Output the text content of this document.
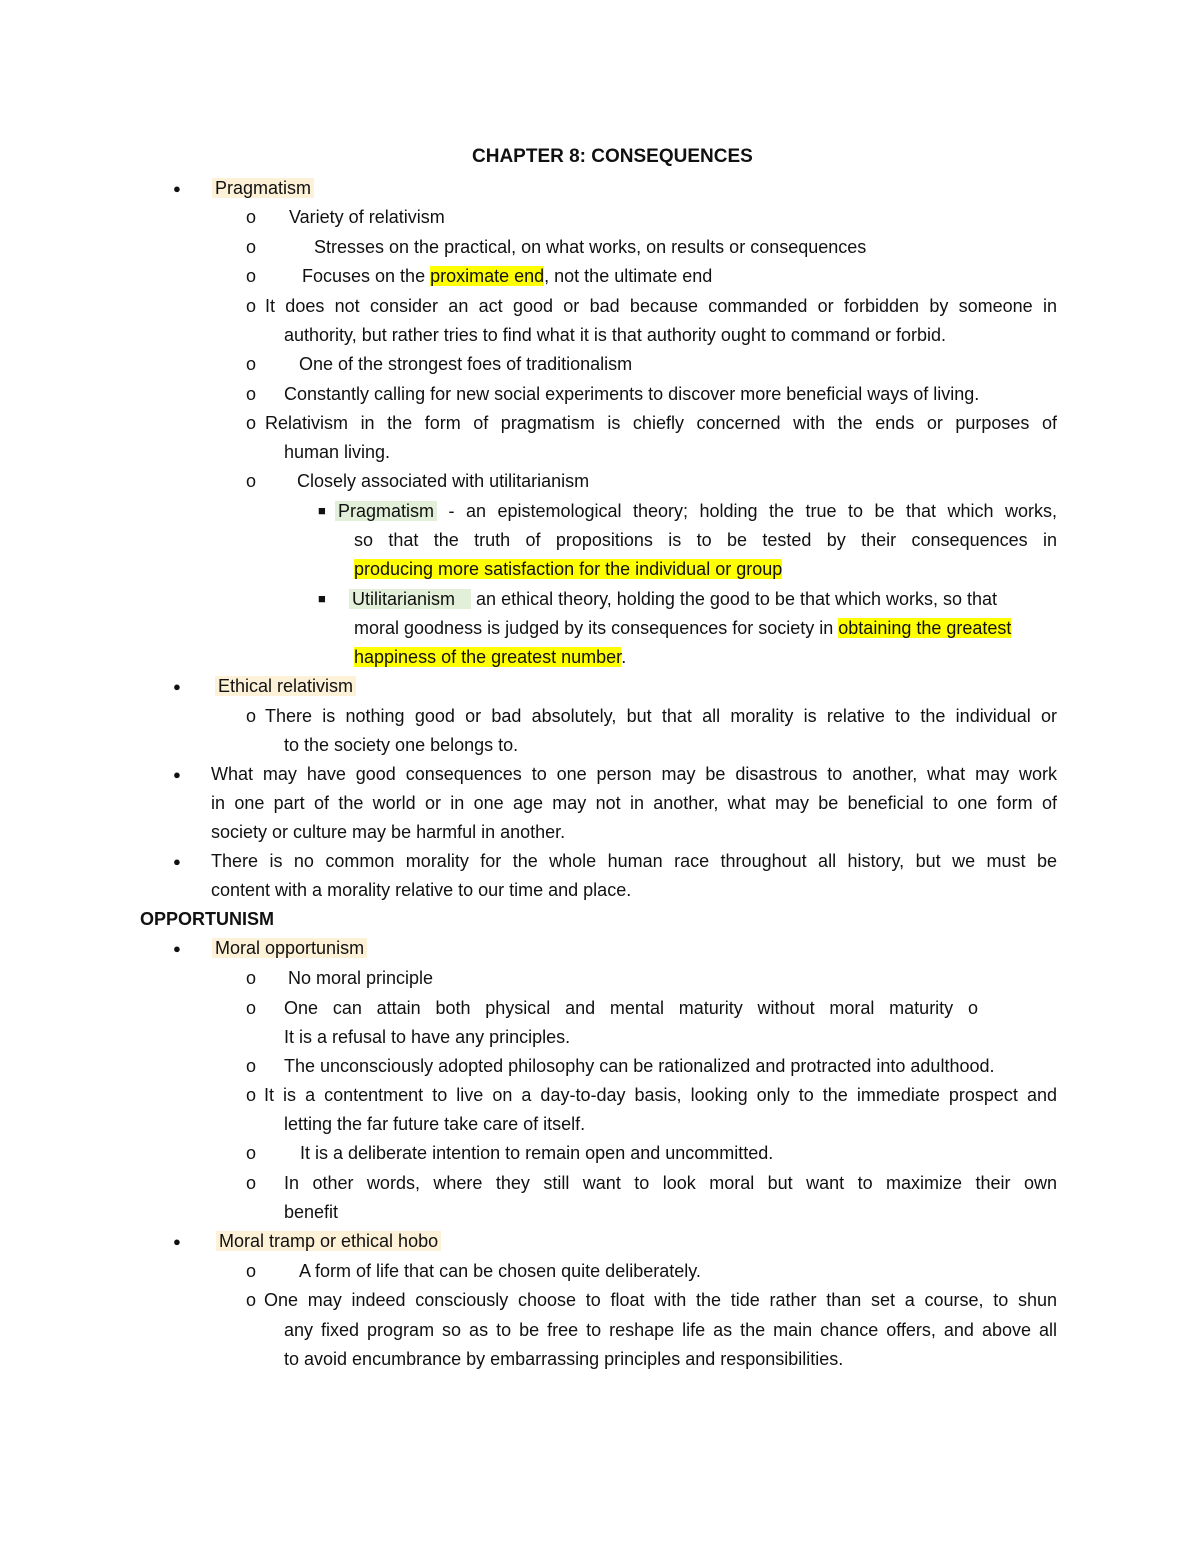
CHAPTER 8: CONSEQUENCES
● Pragmatism
o Variety of relativism
o	Stresses on the practical, on what works, on results or consequences
o	Focuses on the proximate end, not the ultimate end
o It does not consider an act good or bad because commanded or forbidden by someone in
authority, but rather tries to find what it is that authority ought to command or forbid.
o One of the strongest foes of traditionalism
o Constantly calling for new social experiments to discover more beneficial ways of living.
o Relativism in the form of pragmatism is chiefly concerned with the ends or purposes of
human living.
o Closely associated with utilitarianism
■ Pragmatism - an epistemological theory; holding the true to be that which works,
so that the truth of propositions is to be tested by their consequences in
producing more satisfaction for the individual or group
■ Utilitarianism an ethical theory, holding the good to be that which works, so that
moral goodness is judged by its consequences for society in obtaining the greatest
happiness of the greatest number.
● Ethical relativism
o There is nothing good or bad absolutely, but that all morality is relative to the individual or
to the society one belongs to.
● What may have good consequences to one person may be disastrous to another, what may work
in one part of the world or in one age may not in another, what may be beneficial to one form of
society or culture may be harmful in another.
● There is no common morality for the whole human race throughout all history, but we must be
content with a morality relative to our time and place.
OPPORTUNISM
● Moral opportunism
o No moral principle
o One can attain both physical and mental maturity without moral maturity o
It is a refusal to have any principles.
o The unconsciously adopted philosophy can be rationalized and protracted into adulthood.
o It is a contentment to live on a day-to-day basis, looking only to the immediate prospect and
letting the far future take care of itself.
o It is a deliberate intention to remain open and uncommitted.
o In other words, where they still want to look moral but want to maximize their own
benefit
● Moral tramp or ethical hobo
o A form of life that can be chosen quite deliberately.
o One may indeed consciously choose to float with the tide rather than set a course, to shun
any fixed program so as to be free to reshape life as the main chance offers, and above all
to avoid encumbrance by embarrassing principles and responsibilities.
